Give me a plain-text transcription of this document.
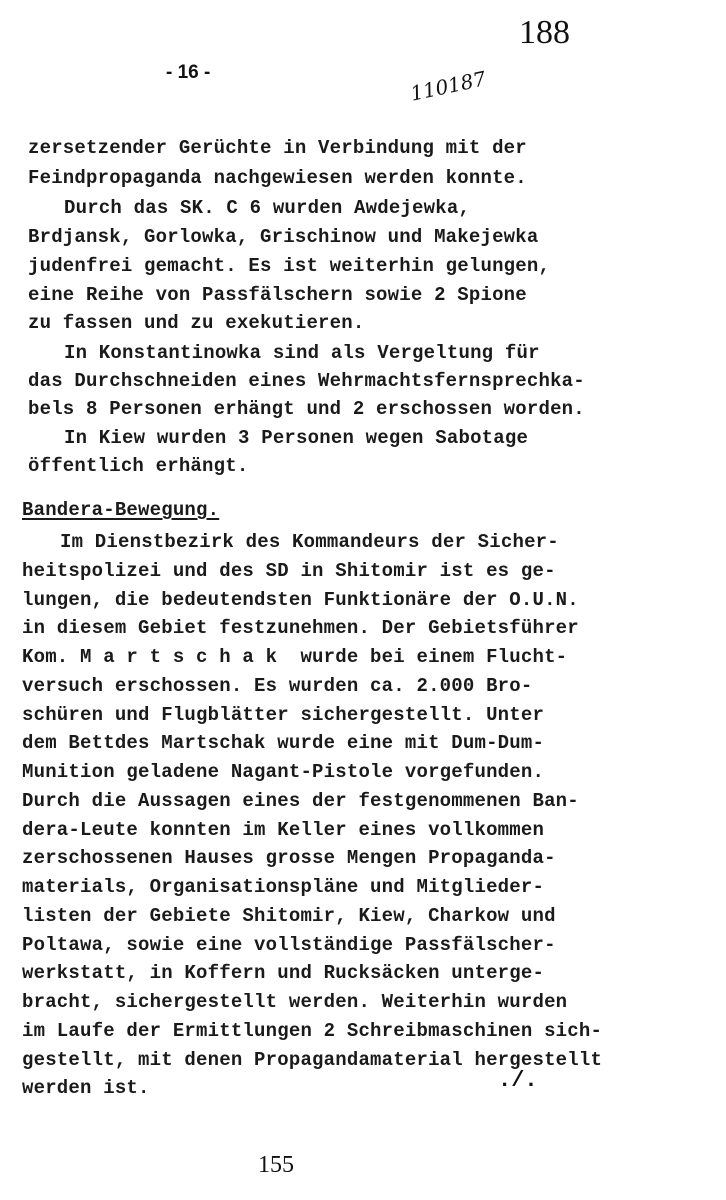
188
- 16 -	110187
zersetzender Gerüchte in Verbindung mit der
Feindpropaganda nachgewiesen werden konnte.
Durch das SK. C 6 wurden Awdejewka,
Brdjansk, Gorlowka, Grischinow und Makejewka
judenfrei gemacht. Es ist weiterhin gelungen,
eine Reihe von Passfälschern sowie 2 Spione
zu fassen und zu exekutieren.
In Konstantinowka sind als Vergeltung für
das Durchschneiden eines Wehrmachtsfernsprechka-
bels 8 Personen erhängt und 2 erschossen worden.
In Kiew wurden 3 Personen wegen Sabotage
öffentlich erhängt.
Im Dienstbezirk des Kommandeurs der Sicher-
heitspolizei und des SD in Shitomir ist es ge-
lungen, die bedeutendsten Funktionäre der O.U.N.
in diesem Gebiet festzunehmen. Der Gebietsführer
Kom. M a r t s c h a k  wurde bei einem Flucht-
versuch erschossen. Es wurden ca. 2.000 Bro-
schüren und Flugblätter sichergestellt. Unter
dem Bettdes Martschak wurde eine mit Dum-Dum-
Munition geladene Nagant-Pistole vorgefunden.
Durch die Aussagen eines der festgenommenen Ban-
dera-Leute konnten im Keller eines vollkommen
zerschossenen Hauses grosse Mengen Propaganda-
materials, Organisationspläne und Mitglieder-
listen der Gebiete Shitomir, Kiew, Charkow und
Poltawa, sowie eine vollständige Passfälscher-
werkstatt, in Koffern und Rucksäcken unterge-
bracht, sichergestellt werden. Weiterhin wurden
im Laufe der Ermittlungen 2 Schreibmaschinen sich-
gestellt, mit denen Propagandamaterial hergestellt
werden ist.
Bandera-Bewegung.
./.
155
